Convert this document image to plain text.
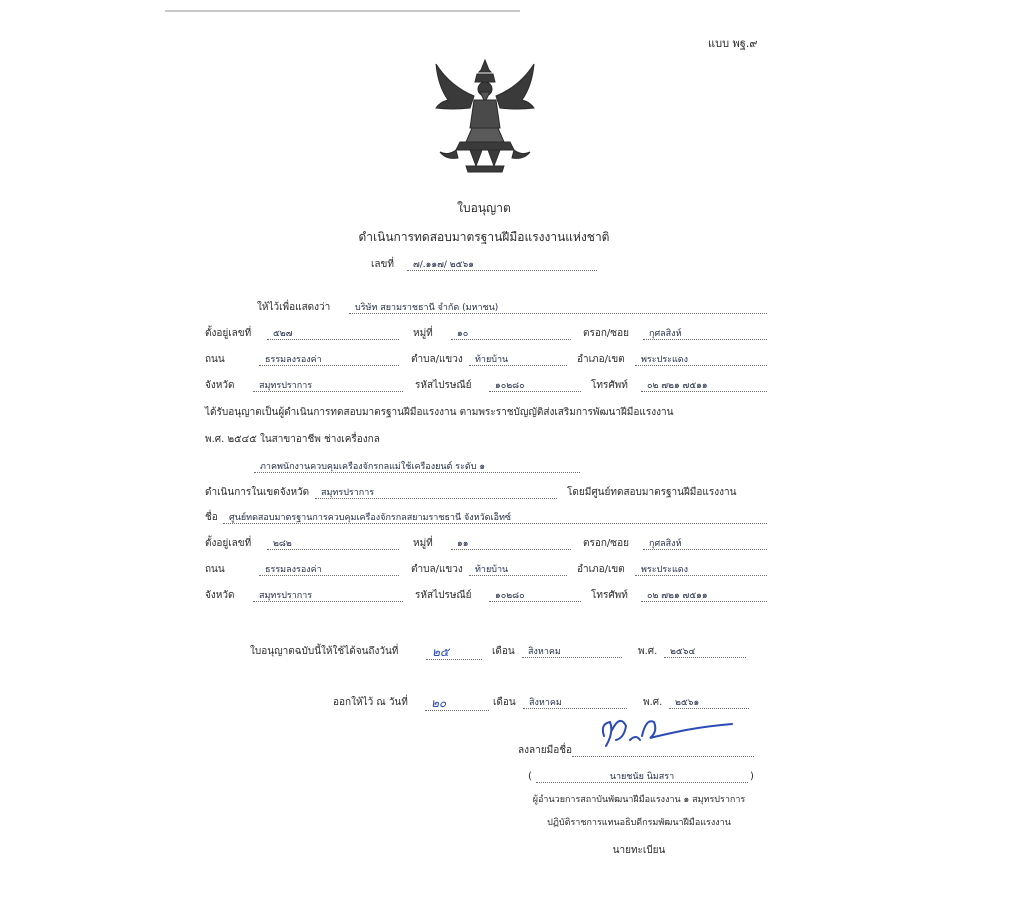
แบบ พฐ.๙
ใบอนุญาต
ดำเนินการทดสอบมาตรฐานฝีมือแรงงานแห่งชาติ
เลขที่	๗/.๑๑๗/ ๒๕๖๑
ให้ไว้เพื่อแสดงว่า	บริษัท สยามราชธานี จำกัด (มหาชน)
ตั้งอยู่เลขที่	๕๒๗	หมู่ที่	๑๐	ตรอก/ซอย	กุศลสิงห์
ถนน	ธรรมลงรองค่า	ตำบล/แขวง	ท้ายบ้าน	อำเภอ/เขต	พระประแดง
จังหวัด	สมุทรปราการ	รหัสไปรษณีย์	๑๐๒๘๐	โทรศัพท์	๐๒ ๗๒๑ ๗๕๑๑
ได้รับอนุญาตเป็นผู้ดำเนินการทดสอบมาตรฐานฝีมือแรงงาน ตามพระราชบัญญัติส่งเสริมการพัฒนาฝีมือแรงงาน
พ.ศ. ๒๕๔๕ ในสาขาอาชีพ ช่างเครื่องกล
ภาคพนักงานควบคุมเครื่องจักรกลแม่ใช้เครื่องยนต์ ระดับ ๑
ดำเนินการในเขตจังหวัด	สมุทรปราการ	โดยมีศูนย์ทดสอบมาตรฐานฝีมือแรงงาน
ชื่อ	ศูนย์ทดสอบมาตรฐานการควบคุมเครื่องจักรกลสยามราชธานี จังหวัดเอ็ทซ์
ตั้งอยู่เลขที่	๒๘๒	หมู่ที่	๑๑	ตรอก/ซอย	กุศลสิงห์
ถนน	ธรรมลงรองค่า	ตำบล/แขวง	ท้ายบ้าน	อำเภอ/เขต	พระประแดง
จังหวัด	สมุทรปราการ	รหัสไปรษณีย์	๑๐๒๘๐	โทรศัพท์	๐๒ ๗๒๑ ๗๕๑๑
ใบอนุญาตฉบับนี้ให้ใช้ได้จนถึงวันที่	๒๕	เดือน	สิงหาคม	พ.ศ.	๒๕๖๔
ออกให้ไว้ ณ วันที่	๒๐	เดือน	สิงหาคม	พ.ศ.	๒๕๖๑
ลงลายมือชื่อ
(	นายชนัย นิมสรา	)
ผู้อำนวยการสถาบันพัฒนาฝีมือแรงงาน ๑ สมุทรปราการ
ปฏิบัติราชการแทนอธิบดีกรมพัฒนาฝีมือแรงงาน
นายทะเบียน
